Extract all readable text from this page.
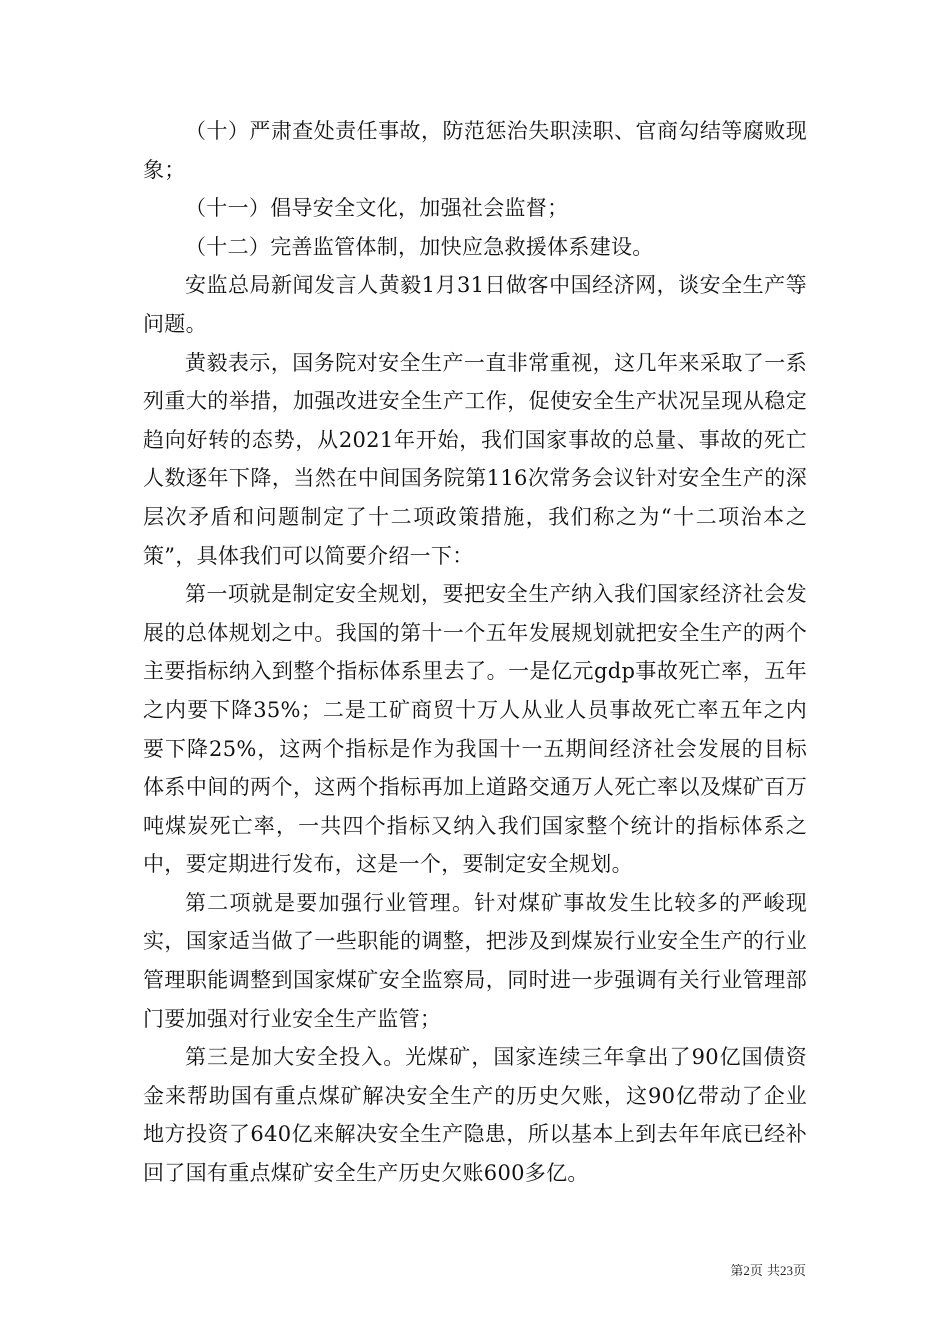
（十）严肃查处责任事故，防范惩治失职渎职、官商勾结等腐败现象；

（十一）倡导安全文化，加强社会监督；

（十二）完善监管体制，加快应急救援体系建设。

安监总局新闻发言人黄毅1月31日做客中国经济网，谈安全生产等问题。

黄毅表示，国务院对安全生产一直非常重视，这几年来采取了一系列重大的举措，加强改进安全生产工作，促使安全生产状况呈现从稳定趋向好转的态势，从2021年开始，我们国家事故的总量、事故的死亡人数逐年下降，当然在中间国务院第116次常务会议针对安全生产的深层次矛盾和问题制定了十二项政策措施，我们称之为“十二项治本之策”，具体我们可以简要介绍一下：

第一项就是制定安全规划，要把安全生产纳入我们国家经济社会发展的总体规划之中。我国的第十一个五年发展规划就把安全生产的两个主要指标纳入到整个指标体系里去了。一是亿元gdp事故死亡率，五年之内要下降35%；二是工矿商贸十万人从业人员事故死亡率五年之内要下降25%，这两个指标是作为我国十一五期间经济社会发展的目标体系中间的两个，这两个指标再加上道路交通万人死亡率以及煤矿百万吨煤炭死亡率，一共四个指标又纳入我们国家整个统计的指标体系之中，要定期进行发布，这是一个，要制定安全规划。

第二项就是要加强行业管理。针对煤矿事故发生比较多的严峻现实，国家适当做了一些职能的调整，把涉及到煤炭行业安全生产的行业管理职能调整到国家煤矿安全监察局，同时进一步强调有关行业管理部门要加强对行业安全生产监管；

第三是加大安全投入。光煤矿，国家连续三年拿出了90亿国债资金来帮助国有重点煤矿解决安全生产的历史欠账，这90亿带动了企业地方投资了640亿来解决安全生产隐患，所以基本上到去年年底已经补回了国有重点煤矿安全生产历史欠账600多亿。

第2页 共23页
